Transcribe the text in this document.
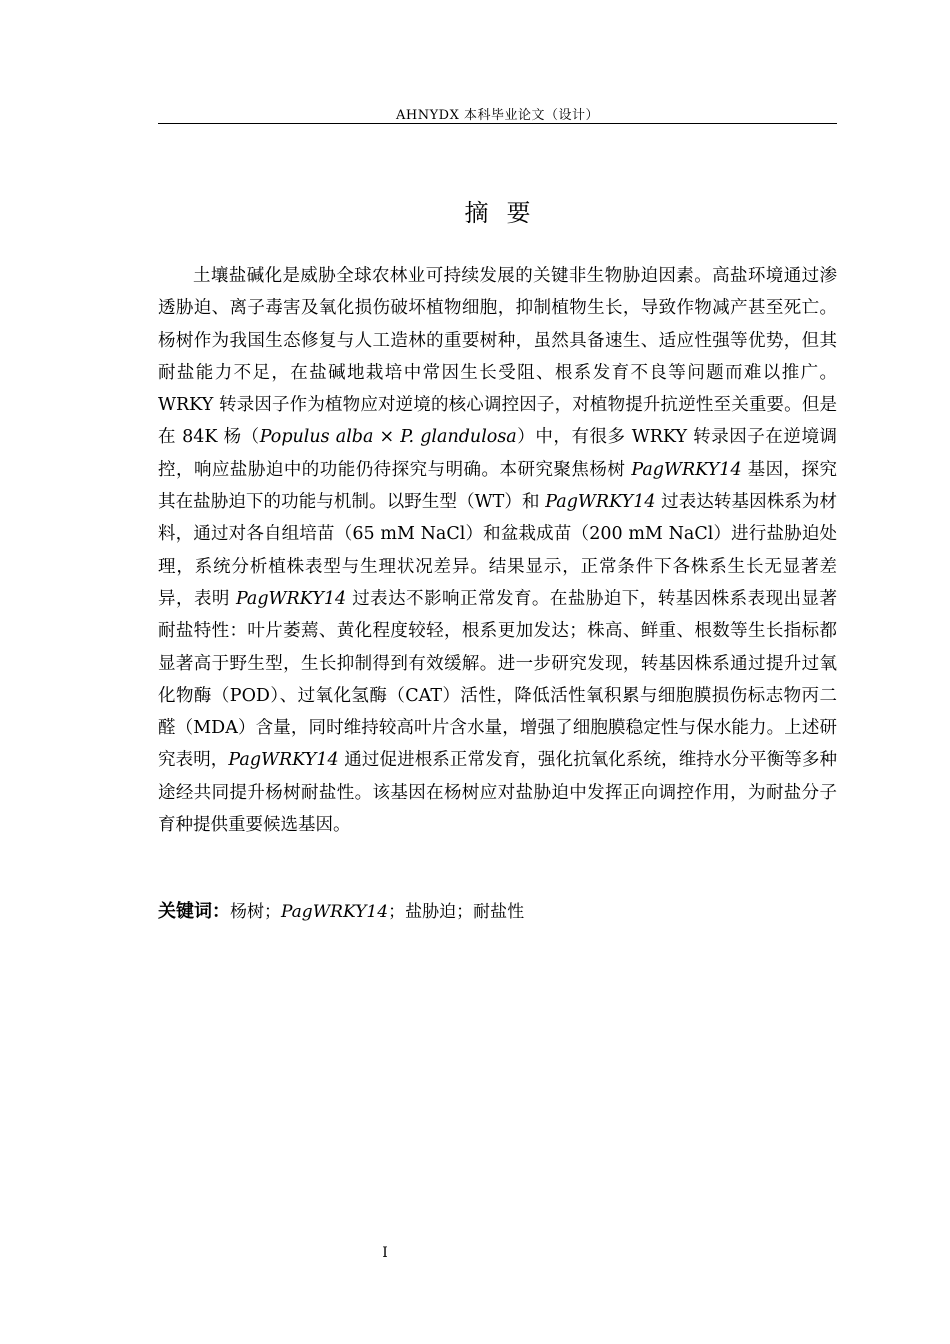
AHNYDX 本科毕业论文（设计）
摘要

土壤盐碱化是威胁全球农林业可持续发展的关键非生物胁迫因素。高盐环境通过渗透胁迫、离子毒害及氧化损伤破坏植物细胞，抑制植物生长，导致作物减产甚至死亡。杨树作为我国生态修复与人工造林的重要树种，虽然具备速生、适应性强等优势，但其耐盐能力不足，在盐碱地栽培中常因生长受阻、根系发育不良等问题而难以推广。WRKY 转录因子作为植物应对逆境的核心调控因子，对植物提升抗逆性至关重要。但是在 84K 杨（Populus alba × P. glandulosa）中，有很多 WRKY 转录因子在逆境调控，响应盐胁迫中的功能仍待探究与明确。本研究聚焦杨树 PagWRKY14 基因，探究其在盐胁迫下的功能与机制。以野生型（WT）和 PagWRKY14 过表达转基因株系为材料，通过对各自组培苗（65 mM NaCl）和盆栽成苗（200 mM NaCl）进行盐胁迫处理，系统分析植株表型与生理状况差异。结果显示，正常条件下各株系生长无显著差异，表明 PagWRKY14 过表达不影响正常发育。在盐胁迫下，转基因株系表现出显著耐盐特性：叶片萎蔫、黄化程度较轻，根系更加发达；株高、鲜重、根数等生长指标都显著高于野生型，生长抑制得到有效缓解。进一步研究发现，转基因株系通过提升过氧化物酶（POD）、过氧化氢酶（CAT）活性，降低活性氧积累与细胞膜损伤标志物丙二醛（MDA）含量，同时维持较高叶片含水量，增强了细胞膜稳定性与保水能力。上述研究表明，PagWRKY14 通过促进根系正常发育，强化抗氧化系统，维持水分平衡等多种途经共同提升杨树耐盐性。该基因在杨树应对盐胁迫中发挥正向调控作用，为耐盐分子育种提供重要候选基因。

关键词：杨树；PagWRKY14；盐胁迫；耐盐性
I
